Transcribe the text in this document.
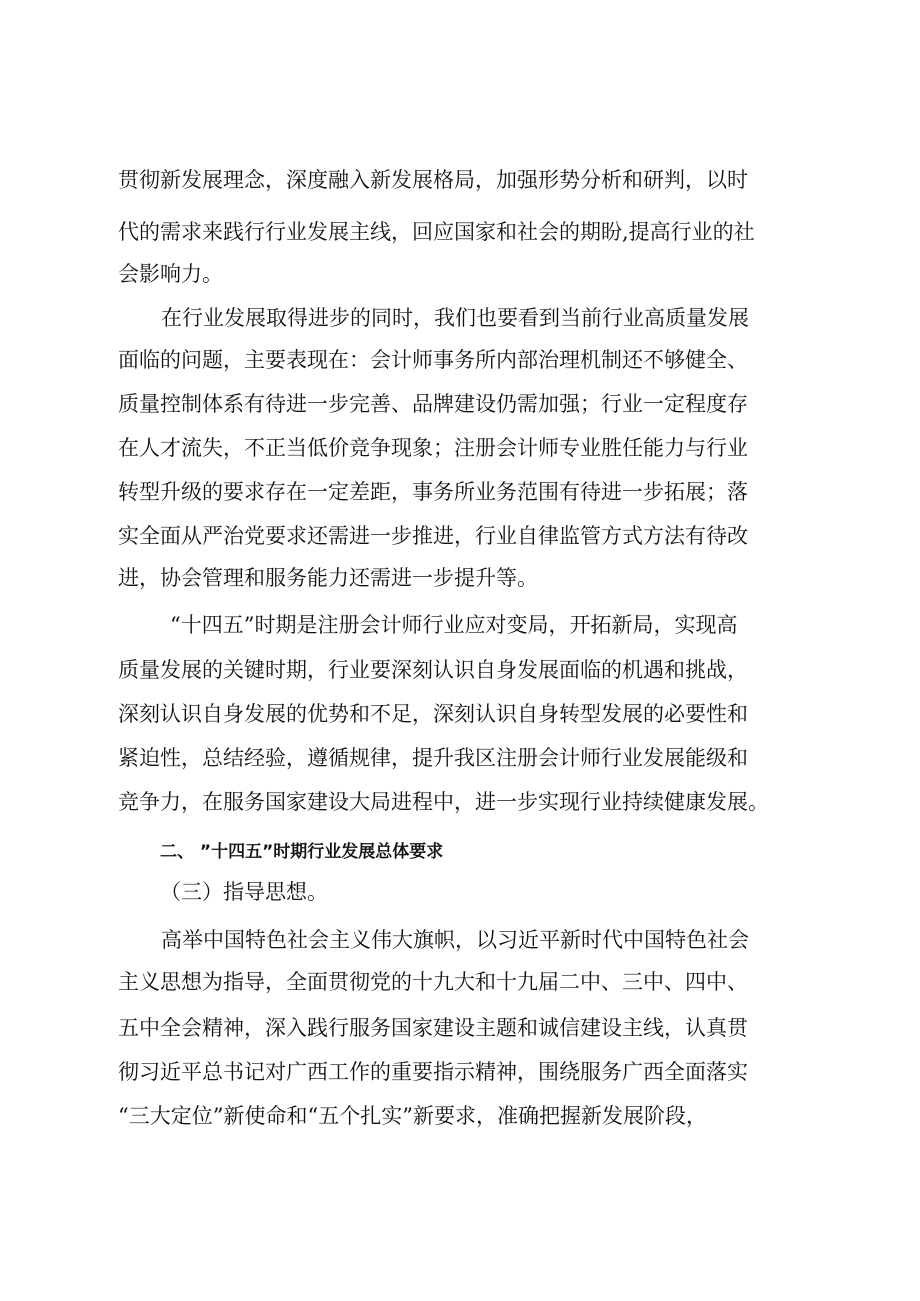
贯彻新发展理念，深度融入新发展格局，加强形势分析和研判，以时
代的需求来践行行业发展主线，回应国家和社会的期盼,提高行业的社
会影响力。
在行业发展取得进步的同时，我们也要看到当前行业高质量发展
面临的问题，主要表现在：会计师事务所内部治理机制还不够健全、
质量控制体系有待进一步完善、品牌建设仍需加强；行业一定程度存
在人才流失，不正当低价竞争现象；注册会计师专业胜任能力与行业
转型升级的要求存在一定差距，事务所业务范围有待进一步拓展；落
实全面从严治党要求还需进一步推进，行业自律监管方式方法有待改
进，协会管理和服务能力还需进一步提升等。
“十四五”时期是注册会计师行业应对变局，开拓新局，实现高
质量发展的关键时期，行业要深刻认识自身发展面临的机遇和挑战，
深刻认识自身发展的优势和不足，深刻认识自身转型发展的必要性和
紧迫性，总结经验，遵循规律，提升我区注册会计师行业发展能级和
竞争力，在服务国家建设大局进程中，进一步实现行业持续健康发展。
二、 ”十四五”时期行业发展总体要求
（三）指导思想。
高举中国特色社会主义伟大旗帜，以习近平新时代中国特色社会
主义思想为指导，全面贯彻党的十九大和十九届二中、三中、四中、
五中全会精神，深入践行服务国家建设主题和诚信建设主线，认真贯
彻习近平总书记对广西工作的重要指示精神，围绕服务广西全面落实
“三大定位”新使命和“五个扎实”新要求，准确把握新发展阶段，
